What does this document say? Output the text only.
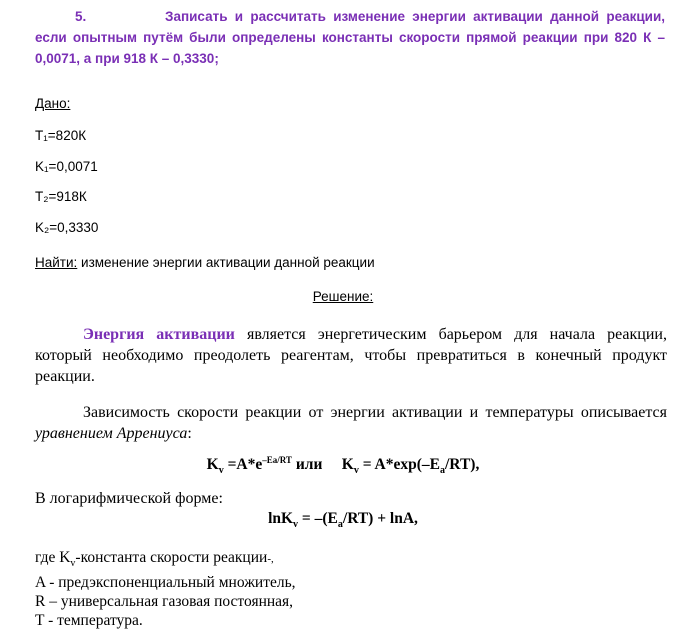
5.	Записать и рассчитать изменение энергии активации данной реакции, если опытным путём были определены константы скорости прямой реакции при 820 К – 0,0071, а при 918 К – 0,3330;
Дано:
T₁=820К
K₁=0,0071
T₂=918К
K₂=0,3330
Найти: изменение энергии активации данной реакции
Решение:
Энергия активации является энергетическим барьером для начала реакции, который необходимо преодолеть реагентам, чтобы превратиться в конечный продукт реакции.
Зависимость скорости реакции от энергии активации и температуры описывается уравнением Аррениуса:
$K_v =A*e^{-Ea/RT}$ или     $K_v = A*\exp(-E_a/RT)$,
В логарифмической форме:
$\ln K_v = -(E_a/RT) + \ln A$,
где $K_v$-константа скорости реакции-,
A - предэкспоненциальный множитель,
R – универсальная газовая постоянная,
T - температура.
